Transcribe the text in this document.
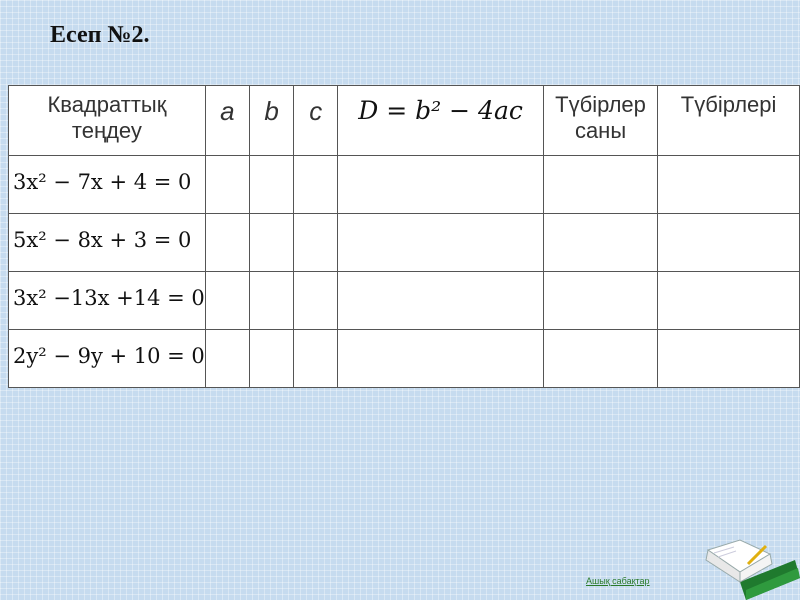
Есеп №2.
Квадраттық теңдеу	a	b	c	D = b² − 4ac	Түбірлер саны	Түбірлері

3x² − 7x + 4 = 0						

5x² − 8x + 3 = 0						

3x² −13x +14 = 0						

2y² − 9y + 10 = 0						

Ашық сабақтар
